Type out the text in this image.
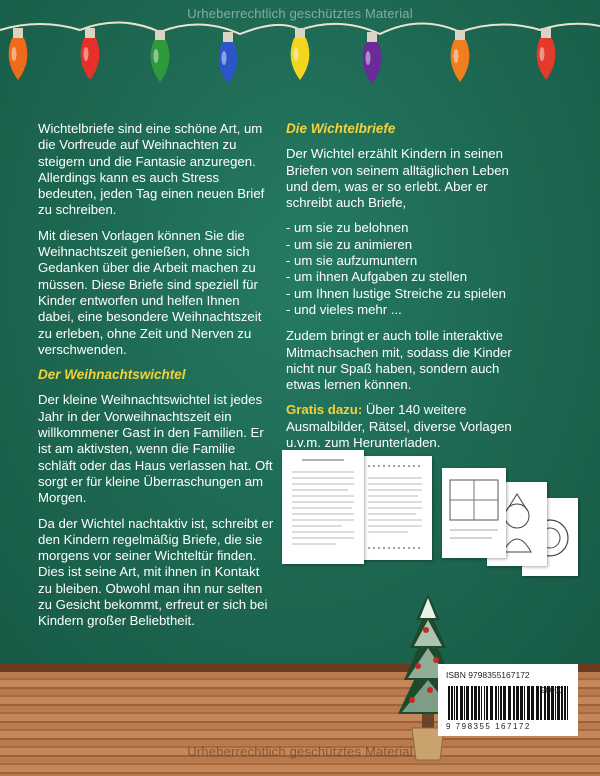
Urheberrechtlich geschütztes Material

Wichtelbriefe sind eine schöne Art, um die Vorfreude auf Weihnachten zu steigern und die Fantasie anzuregen. Allerdings kann es auch Stress bedeuten, jeden Tag einen neuen Brief zu schreiben.

Mit diesen Vorlagen können Sie die Weihnachtszeit genießen, ohne sich Gedanken über die Arbeit machen zu müssen. Diese Briefe sind speziell für Kinder entworfen und helfen Ihnen dabei, eine besondere Weihnachtszeit zu erleben, ohne Zeit und Nerven zu verschwenden.

Der Weihnachtswichtel

Der kleine Weihnachtswichtel ist jedes Jahr in der Vorweihnachtszeit ein willkommener Gast in den Familien. Er ist am aktivsten, wenn die Familie schläft oder das Haus verlassen hat. Oft sorgt er für kleine Überraschungen am Morgen.

Da der Wichtel nachtaktiv ist, schreibt er den Kindern regelmäßig Briefe, die sie morgens vor seiner Wichteltür finden. Dies ist seine Art, mit ihnen in Kontakt zu bleiben. Obwohl man ihn nur selten zu Gesicht bekommt, erfreut er sich bei Kindern großer Beliebtheit.

Die Wichtelbriefe

Der Wichtel erzählt Kindern in seinen Briefen von seinem alltäglichen Leben und dem, was er so erlebt. Aber er schreibt auch Briefe,

- um sie zu belohnen
- um sie zu animieren
- um sie aufzumuntern
- um ihnen Aufgaben zu stellen
- um Ihnen lustige Streiche zu spielen
- und vieles mehr ...

Zudem bringt er auch tolle interaktive Mitmachsachen mit, sodass die Kinder nicht nur Spaß haben, sondern auch etwas lernen können.

Gratis dazu: Über 140 weitere Ausmalbilder, Rätsel, diverse Vorlagen u.v.m. zum Herunterladen.

ISBN 9798355167172
90000
9 798355 167172
Urheberrechtlich geschütztes Material
